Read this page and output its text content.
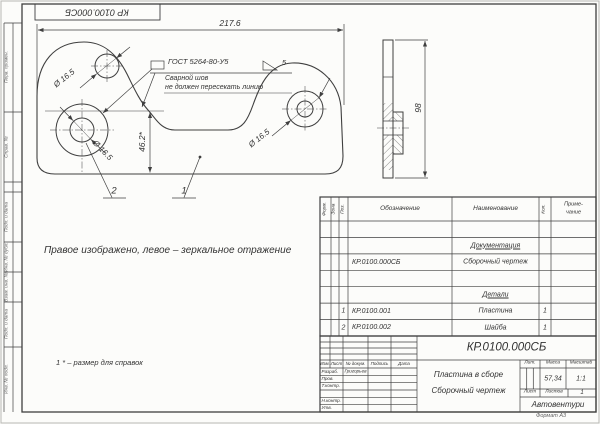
КР 0100.000СБ
Перв. примен.
Справ. №
Подп. и дата
Инв. № дубл.
Взам. инв. №
Подп. и дата
Инв. № подл.
217.6
46.2*
98
Ø 16.5
Ø 16.5
Ø 16.5
ГОСТ 5264-80-У5	5
Сварной шов
не должен пересекать линию
2	1
Правое изображено, левое – зеркальное отражение
1 * – размер для справок
Формат А3
Форм. Зона Поз.	Обозначение	Наименование	Кол.
Приме-
чание
Документация
КР.0100.000СБ	Сборочный чертеж
Детали
1 КР.0100.001	Пластина	1
2 КР.0100.002	Шайба	1
КР.0100.000СБ
Изм. Лист № докум. Подпись Дата
Разраб. Григорьев
Пров.
Т.контр.
Н.контр.
Утв.
Пластина в сборе
Сборочный чертеж
Лит. Масса Масштаб
57,34 1:1
Лист Листов	1
Автовентури
